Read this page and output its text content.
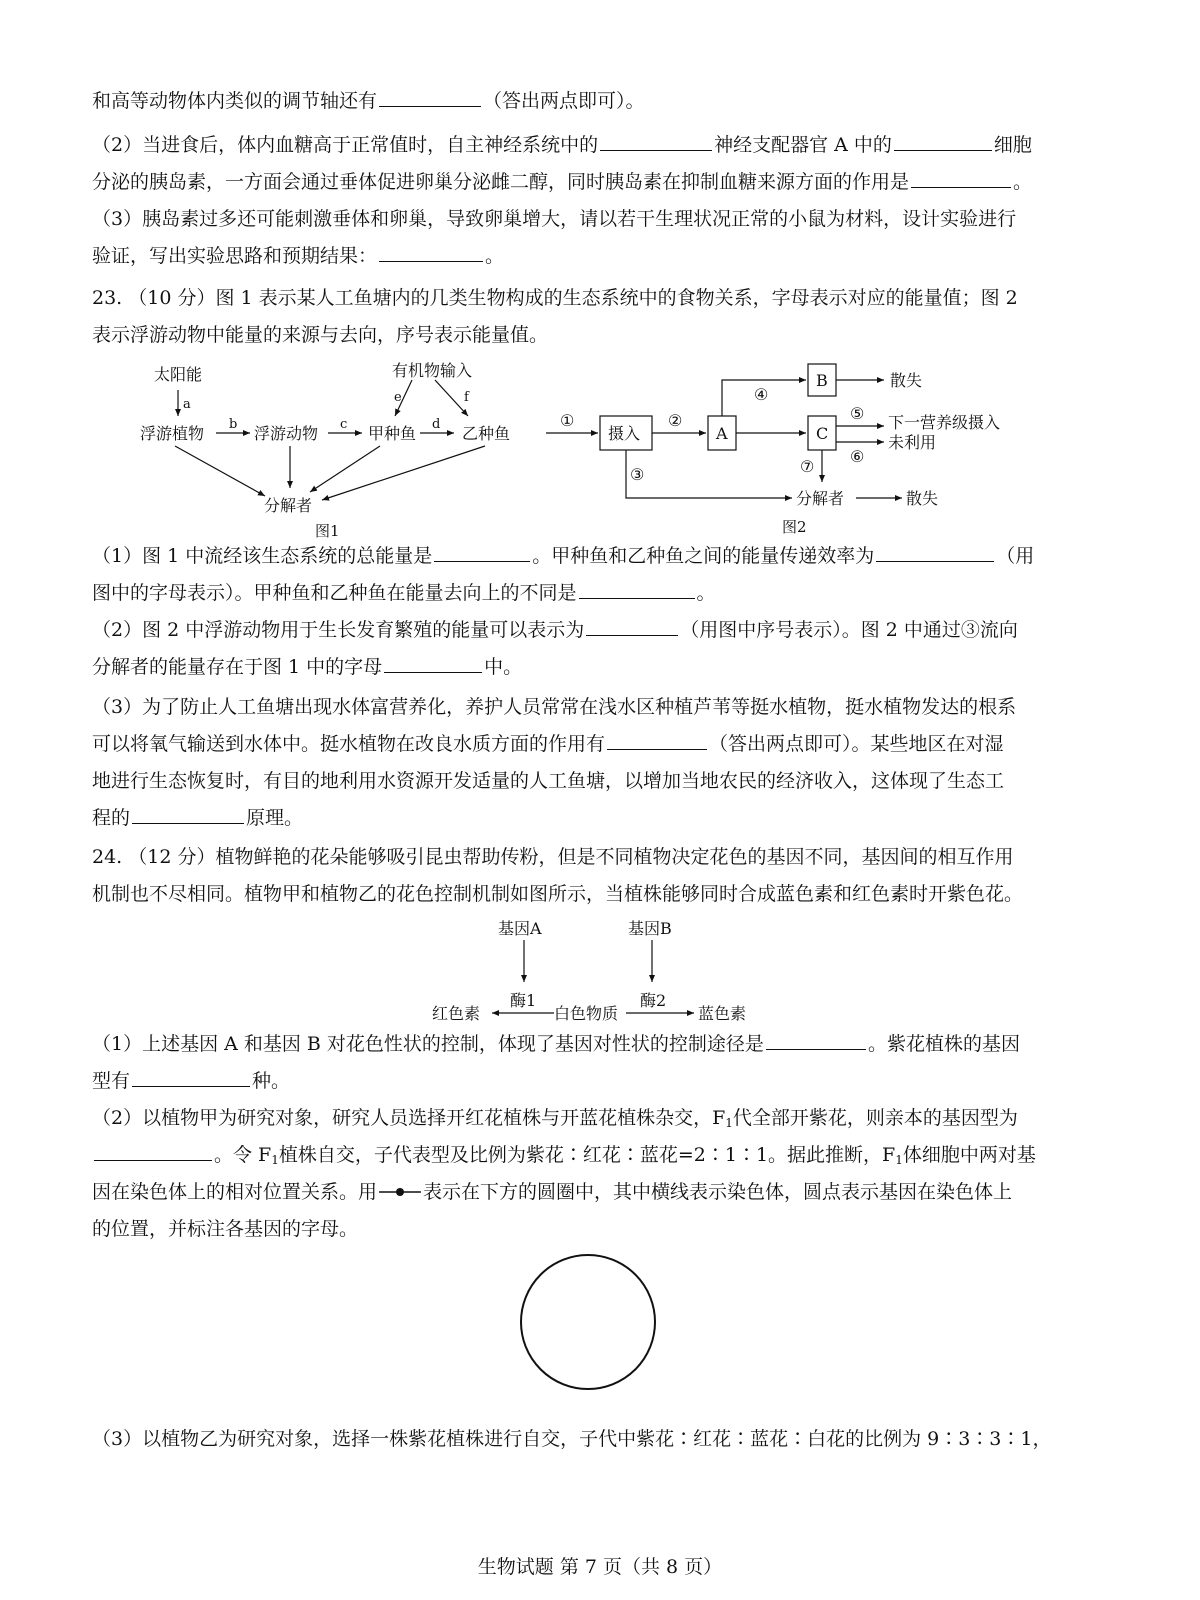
和高等动物体内类似的调节轴还有	（答出两点即可）。
（2）当进食后，体内血糖高于正常值时，自主神经系统中的	神经支配器官 A 中的	细胞
分泌的胰岛素，一方面会通过垂体促进卵巢分泌雌二醇，同时胰岛素在抑制血糖来源方面的作用是	。
（3）胰岛素过多还可能刺激垂体和卵巢，导致卵巢增大，请以若干生理状况正常的小鼠为材料，设计实验进行
验证，写出实验思路和预期结果：	。
23. （10 分）图 1 表示某人工鱼塘内的几类生物构成的生态系统中的食物关系，字母表示对应的能量值；图 2
表示浮游动物中能量的来源与去向，序号表示能量值。
太阳能	有机物输入
浮游植物	浮游动物	甲种鱼	乙种鱼
分解者
a
b	c	d
e	f
图1
①
摄入
②
A
B
C
④
散失
⑤ 下一营养级摄入
未利用
⑥
⑦
③
分解者	散失
图2
（1）图 1 中流经该生态系统的总能量是	。甲种鱼和乙种鱼之间的能量传递效率为	（用
图中的字母表示）。甲种鱼和乙种鱼在能量去向上的不同是	。
（2）图 2 中浮游动物用于生长发育繁殖的能量可以表示为	（用图中序号表示）。图 2 中通过③流向
分解者的能量存在于图 1 中的字母	中。
（3）为了防止人工鱼塘出现水体富营养化，养护人员常常在浅水区种植芦苇等挺水植物，挺水植物发达的根系
可以将氧气输送到水体中。挺水植物在改良水质方面的作用有	（答出两点即可）。某些地区在对湿
地进行生态恢复时，有目的地利用水资源开发适量的人工鱼塘，以增加当地农民的经济收入，这体现了生态工
程的	原理。
24. （12 分）植物鲜艳的花朵能够吸引昆虫帮助传粉，但是不同植物决定花色的基因不同，基因间的相互作用
机制也不尽相同。植物甲和植物乙的花色控制机制如图所示，当植株能够同时合成蓝色素和红色素时开紫色花。
基因A	基因B
酶1	酶2
红色素	白色物质	蓝色素
（1）上述基因 A 和基因 B 对花色性状的控制，体现了基因对性状的控制途径是	。紫花植株的基因
型有	种。
（2）以植物甲为研究对象，研究人员选择开红花植株与开蓝花植株杂交，$F_1$代全部开紫花，则亲本的基因型为
。令 $F_1$植株自交，子代表型及比例为紫花∶红花∶蓝花=2∶1∶1。据此推断，$F_1$体细胞中两对基
因在染色体上的相对位置关系。用 表示在下方的圆圈中，其中横线表示染色体，圆点表示基因在染色体上
的位置，并标注各基因的字母。
（3）以植物乙为研究对象，选择一株紫花植株进行自交，子代中紫花∶红花∶蓝花∶白花的比例为 9∶3∶3∶1，
生物试题 第 7 页（共 8 页）
